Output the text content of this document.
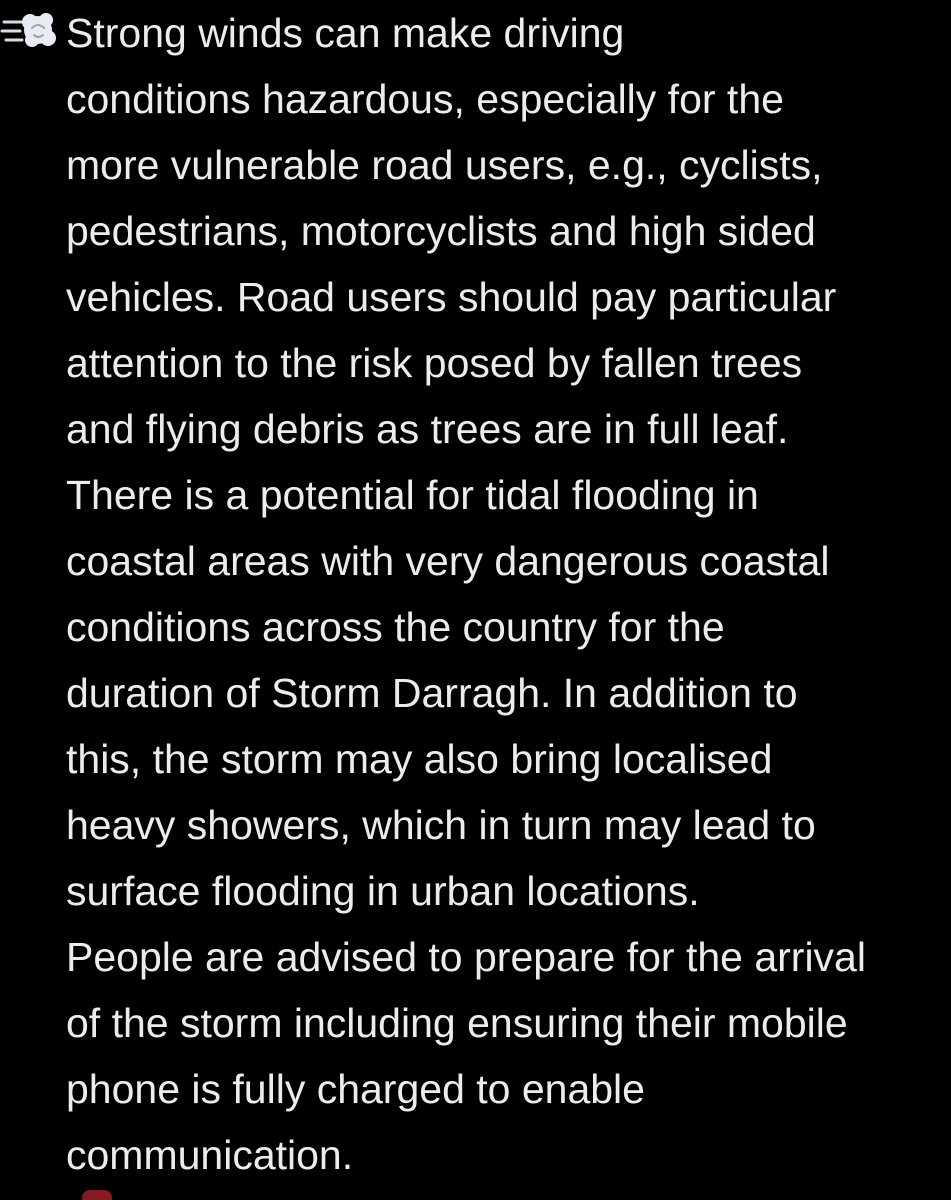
Strong winds can make driving
conditions hazardous, especially for the
more vulnerable road users, e.g., cyclists,
pedestrians, motorcyclists and high sided
vehicles. Road users should pay particular
attention to the risk posed by fallen trees
and flying debris as trees are in full leaf.
There is a potential for tidal flooding in
coastal areas with very dangerous coastal
conditions across the country for the
duration of Storm Darragh. In addition to
this, the storm may also bring localised
heavy showers, which in turn may lead to
surface flooding in urban locations.
People are advised to prepare for the arrival
of the storm including ensuring their mobile
phone is fully charged to enable
communication.
